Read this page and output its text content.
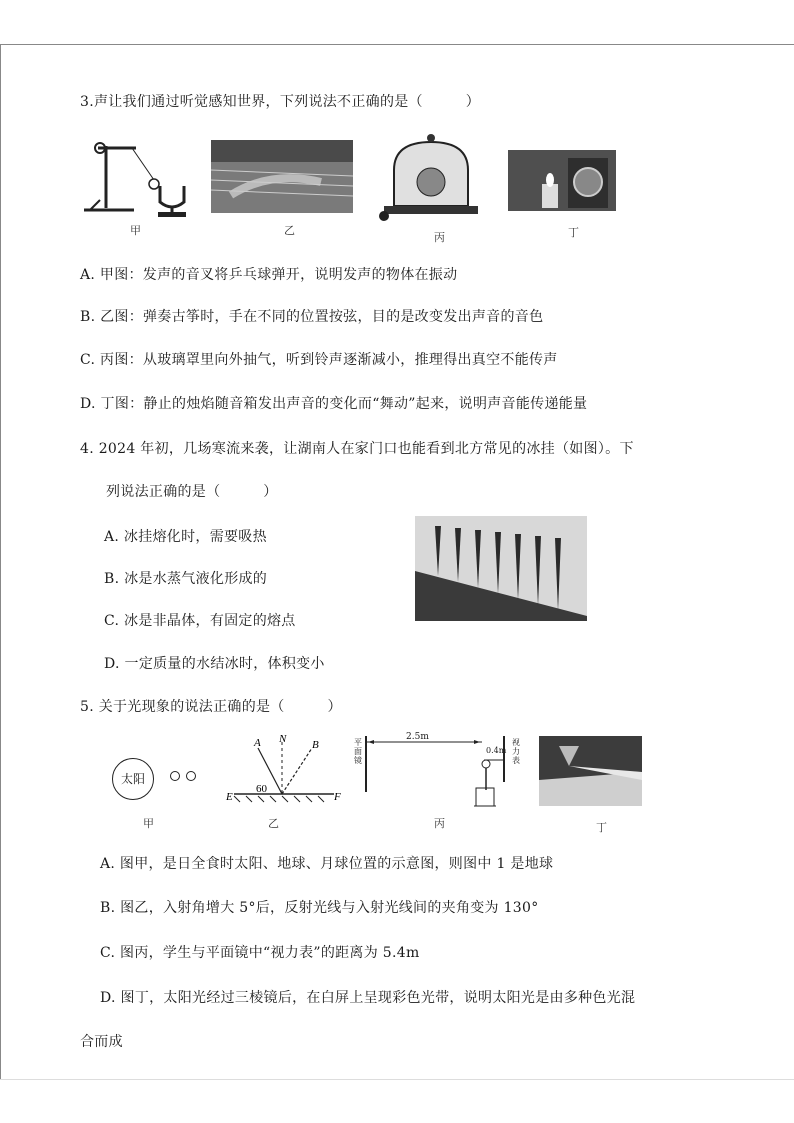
3.声让我们通过听觉感知世界，下列说法不正确的是（　　　）
甲	乙
丙	丁
A. 甲图：发声的音叉将乒乓球弹开，说明发声的物体在振动
B. 乙图：弹奏古筝时，手在不同的位置按弦，目的是改变发出声音的音色
C. 丙图：从玻璃罩里向外抽气，听到铃声逐渐减小，推理得出真空不能传声
D. 丁图：静止的烛焰随音箱发出声音的变化而“舞动”起来，说明声音能传递能量
4. 2024 年初，几场寒流来袭，让湖南人在家门口也能看到北方常见的冰挂（如图）。下
列说法正确的是（　　　）
A. 冰挂熔化时，需要吸热
B. 冰是水蒸气液化形成的
C. 冰是非晶体，有固定的熔点
D. 一定质量的水结冰时，体积变小
5. 关于光现象的说法正确的是（　　　）
太阳
甲
A N B
60
E	F
乙
平面镜
2.5m
0.4m
视力表
丙	丁
A. 图甲，是日全食时太阳、地球、月球位置的示意图，则图中 1 是地球
B. 图乙，入射角增大 5°后，反射光线与入射光线间的夹角变为 130°
C. 图丙，学生与平面镜中“视力表”的距离为 5.4m
D. 图丁，太阳光经过三棱镜后，在白屏上呈现彩色光带，说明太阳光是由多种色光混
合而成
